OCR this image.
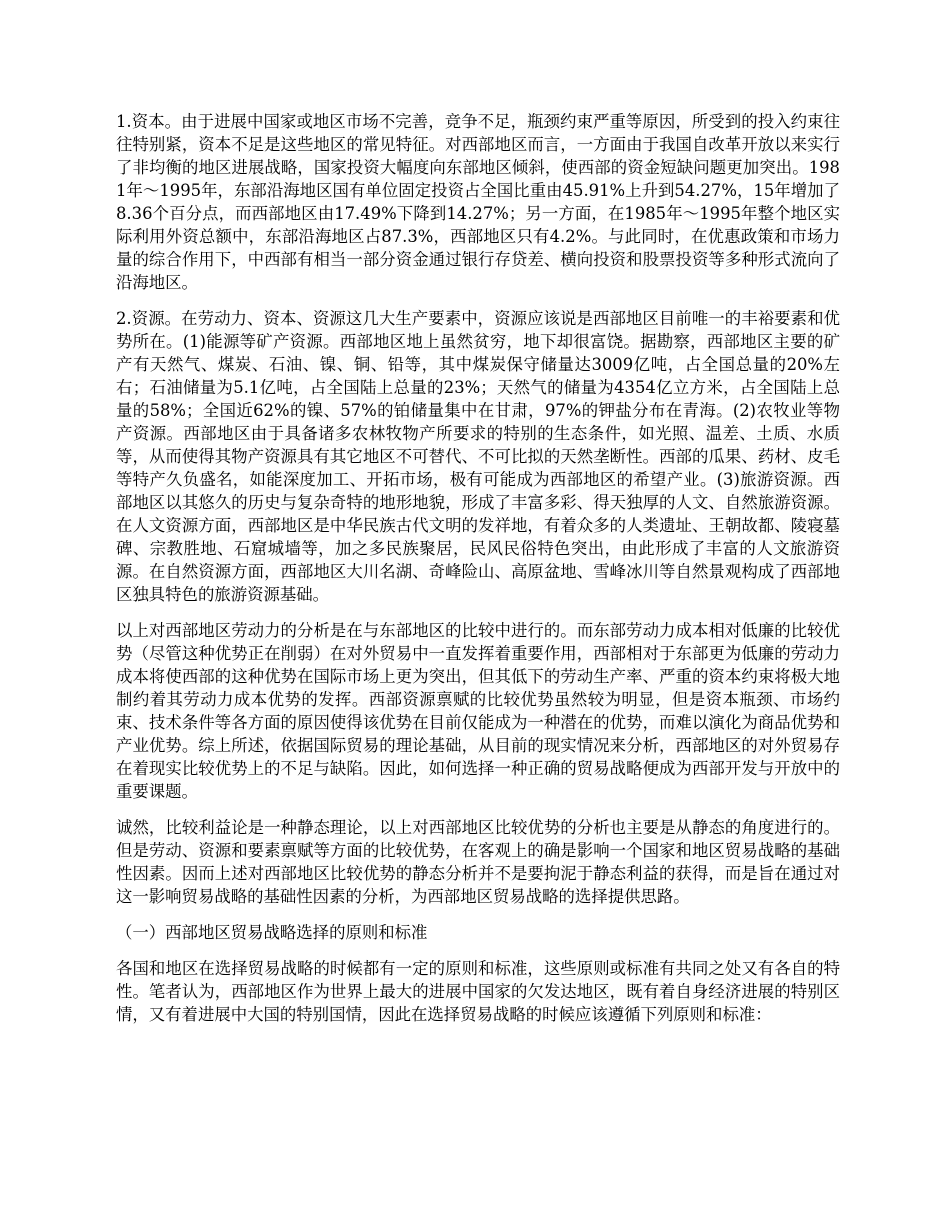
1.资本。由于进展中国家或地区市场不完善，竞争不足，瓶颈约束严重等原因，所受到的投入约束往往特别紧，资本不足是这些地区的常见特征。对西部地区而言，一方面由于我国自改革开放以来实行了非均衡的地区进展战略，国家投资大幅度向东部地区倾斜，使西部的资金短缺问题更加突出。1981年～1995年，东部沿海地区国有单位固定投资占全国比重由45.91%上升到54.27%，15年增加了8.36个百分点，而西部地区由17.49%下降到14.27%；另一方面，在1985年～1995年整个地区实际利用外资总额中，东部沿海地区占87.3%，西部地区只有4.2%。与此同时，在优惠政策和市场力量的综合作用下，中西部有相当一部分资金通过银行存贷差、横向投资和股票投资等多种形式流向了沿海地区。

2.资源。在劳动力、资本、资源这几大生产要素中，资源应该说是西部地区目前唯一的丰裕要素和优势所在。(1)能源等矿产资源。西部地区地上虽然贫穷，地下却很富饶。据勘察，西部地区主要的矿产有天然气、煤炭、石油、镍、铜、铅等，其中煤炭保守储量达3009亿吨，占全国总量的20%左右；石油储量为5.1亿吨，占全国陆上总量的23%；天然气的储量为4354亿立方米，占全国陆上总量的58%；全国近62%的镍、57%的铂储量集中在甘肃，97%的钾盐分布在青海。(2)农牧业等物产资源。西部地区由于具备诸多农林牧物产所要求的特别的生态条件，如光照、温差、土质、水质等，从而使得其物产资源具有其它地区不可替代、不可比拟的天然垄断性。西部的瓜果、药材、皮毛等特产久负盛名，如能深度加工、开拓市场，极有可能成为西部地区的希望产业。(3)旅游资源。西部地区以其悠久的历史与复杂奇特的地形地貌，形成了丰富多彩、得天独厚的人文、自然旅游资源。在人文资源方面，西部地区是中华民族古代文明的发祥地，有着众多的人类遗址、王朝故都、陵寝墓碑、宗教胜地、石窟城墙等，加之多民族聚居，民风民俗特色突出，由此形成了丰富的人文旅游资源。在自然资源方面，西部地区大川名湖、奇峰险山、高原盆地、雪峰冰川等自然景观构成了西部地区独具特色的旅游资源基础。

以上对西部地区劳动力的分析是在与东部地区的比较中进行的。而东部劳动力成本相对低廉的比较优势（尽管这种优势正在削弱）在对外贸易中一直发挥着重要作用，西部相对于东部更为低廉的劳动力成本将使西部的这种优势在国际市场上更为突出，但其低下的劳动生产率、严重的资本约束将极大地制约着其劳动力成本优势的发挥。西部资源禀赋的比较优势虽然较为明显，但是资本瓶颈、市场约束、技术条件等各方面的原因使得该优势在目前仅能成为一种潜在的优势，而难以演化为商品优势和产业优势。综上所述，依据国际贸易的理论基础，从目前的现实情况来分析，西部地区的对外贸易存在着现实比较优势上的不足与缺陷。因此，如何选择一种正确的贸易战略便成为西部开发与开放中的重要课题。

诚然，比较利益论是一种静态理论，以上对西部地区比较优势的分析也主要是从静态的角度进行的。但是劳动、资源和要素禀赋等方面的比较优势，在客观上的确是影响一个国家和地区贸易战略的基础性因素。因而上述对西部地区比较优势的静态分析并不是要拘泥于静态利益的获得，而是旨在通过对这一影响贸易战略的基础性因素的分析，为西部地区贸易战略的选择提供思路。

（一）西部地区贸易战略选择的原则和标准

各国和地区在选择贸易战略的时候都有一定的原则和标准，这些原则或标准有共同之处又有各自的特性。笔者认为，西部地区作为世界上最大的进展中国家的欠发达地区，既有着自身经济进展的特别区情，又有着进展中大国的特别国情，因此在选择贸易战略的时候应该遵循下列原则和标准：
